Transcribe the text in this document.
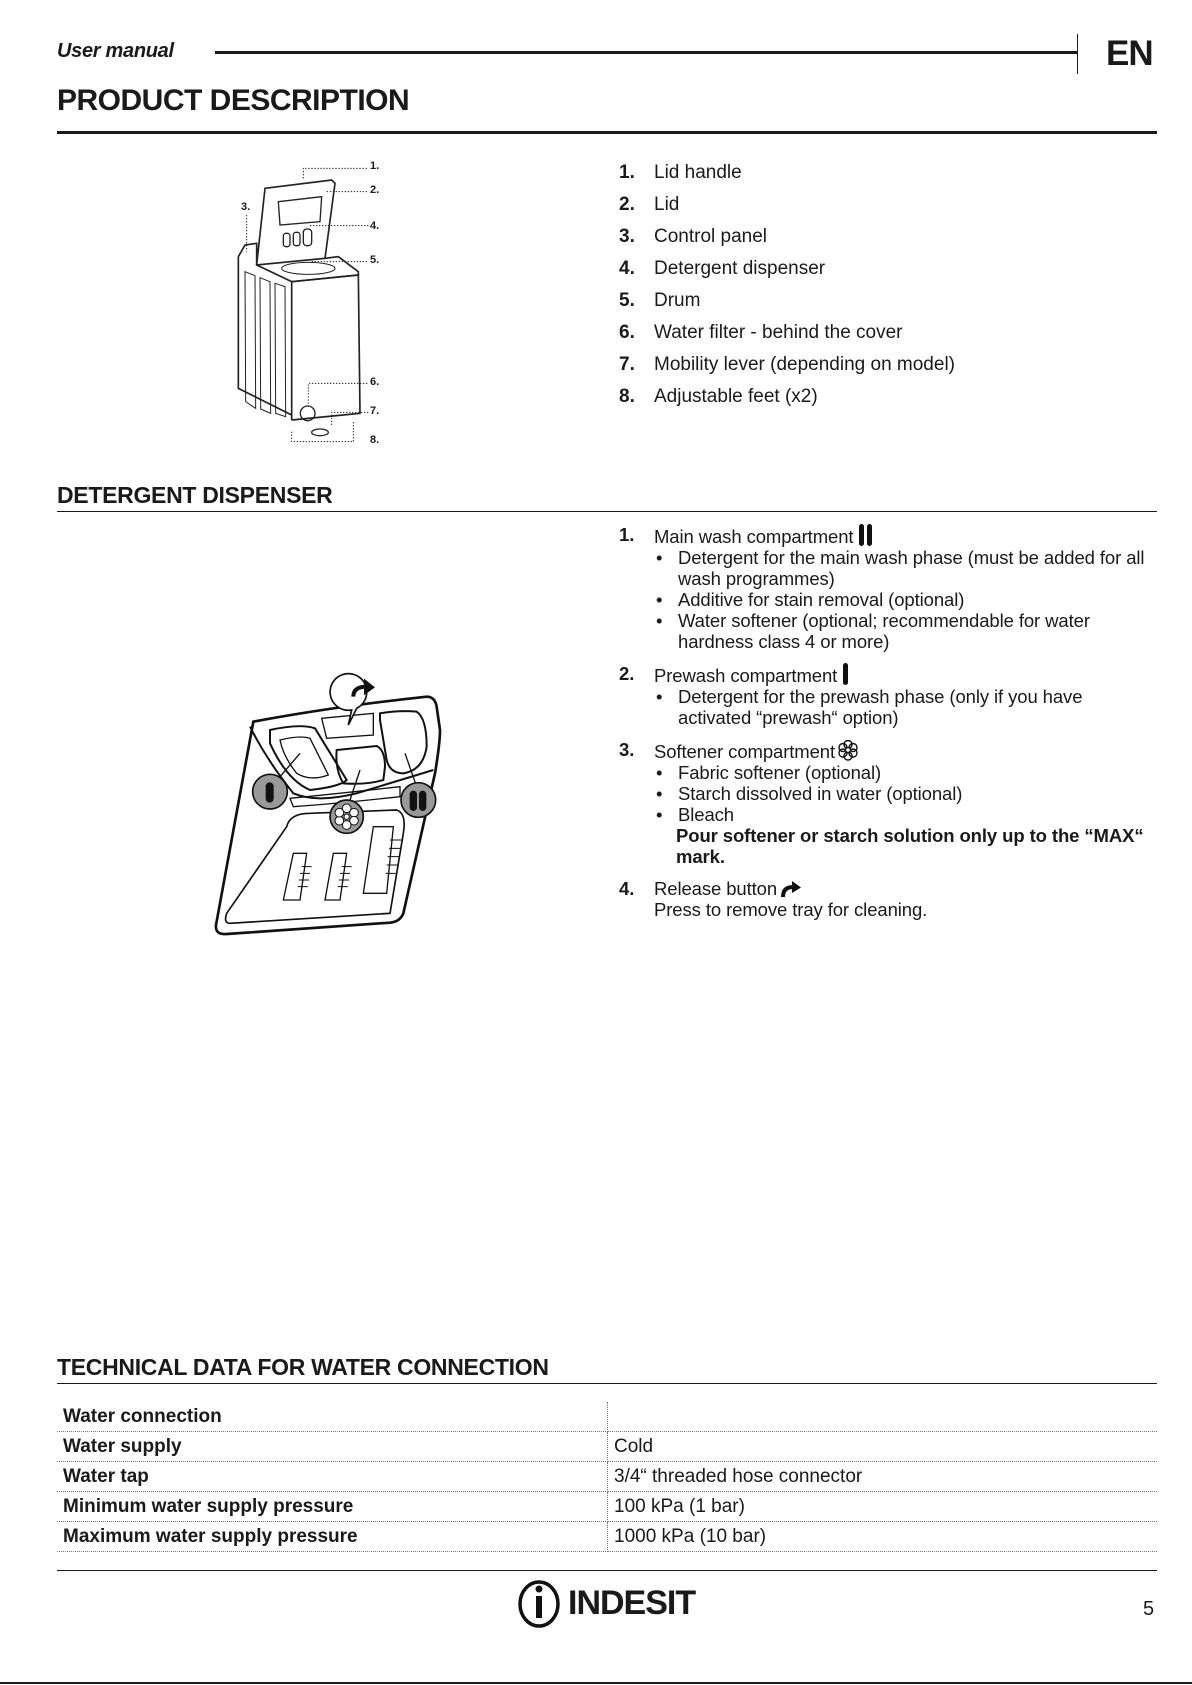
User manual	EN
PRODUCT DESCRIPTION
1.
2.
3.
4.
5.
6.
7.
8.
1.	Lid handle
2.	Lid
3.	Control panel
4.	Detergent dispenser
5.	Drum
6.	Water filter - behind the cover
7.	Mobility lever (depending on model)
8.	Adjustable feet (x2)
DETERGENT DISPENSER
1.	Main wash compartment
• Detergent for the main wash phase (must be added for all wash programmes)
• Additive for stain removal (optional)
• Water softener (optional; recommendable for water hardness class 4 or more)
2.	Prewash compartment
• Detergent for the prewash phase (only if you have activated “prewash“ option)
3.	Softener compartment
• Fabric softener (optional)
• Starch dissolved in water (optional)
• Bleach
Pour softener or starch solution only up to the “MAX“ mark.
4.	Release button
Press to remove tray for cleaning.
TECHNICAL DATA FOR WATER CONNECTION
Water connection	
Water supply	Cold
Water tap	3/4“ threaded hose connector
Minimum water supply pressure	100 kPa (1 bar)
Maximum water supply pressure	1000 kPa (10 bar)
INDESIT	5
